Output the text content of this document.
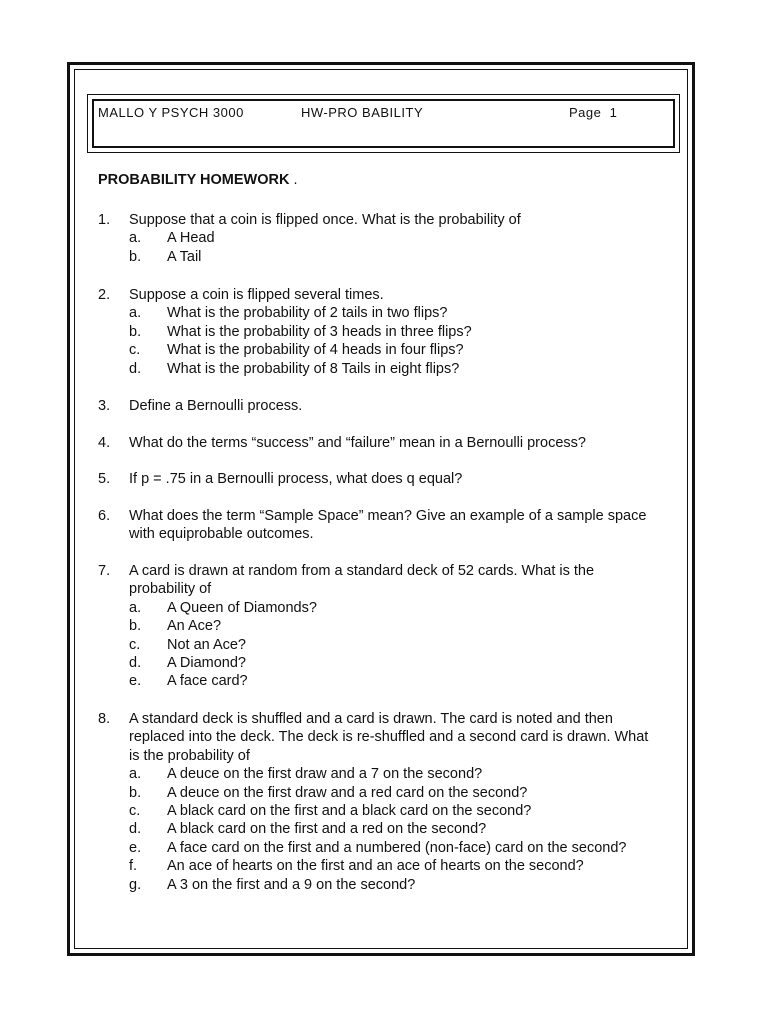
MALLO Y PSYCH 3000	HW-PRO BABILITY	Page 1
PROBABILITY HOMEWORK .
1. Suppose that a coin is flipped once. What is the probability of
a. A Head
b. A Tail
2. Suppose a coin is flipped several times.
a. What is the probability of 2 tails in two flips?
b. What is the probability of 3 heads in three flips?
c. What is the probability of 4 heads in four flips?
d. What is the probability of 8 Tails in eight flips?
3. Define a Bernoulli process.
4. What do the terms “success” and “failure” mean in a Bernoulli process?
5. If p = .75 in a Bernoulli process, what does q equal?
6. What does the term “Sample Space” mean? Give an example of a sample space
with equiprobable outcomes.
7. A card is drawn at random from a standard deck of 52 cards. What is the
probability of
a. A Queen of Diamonds?
b. An Ace?
c. Not an Ace?
d. A Diamond?
e. A face card?
8. A standard deck is shuffled and a card is drawn. The card is noted and then
replaced into the deck. The deck is re-shuffled and a second card is drawn. What
is the probability of
a. A deuce on the first draw and a 7 on the second?
b. A deuce on the first draw and a red card on the second?
c. A black card on the first and a black card on the second?
d. A black card on the first and a red on the second?
e. A face card on the first and a numbered (non-face) card on the second?
f. An ace of hearts on the first and an ace of hearts on the second?
g. A 3 on the first and a 9 on the second?
